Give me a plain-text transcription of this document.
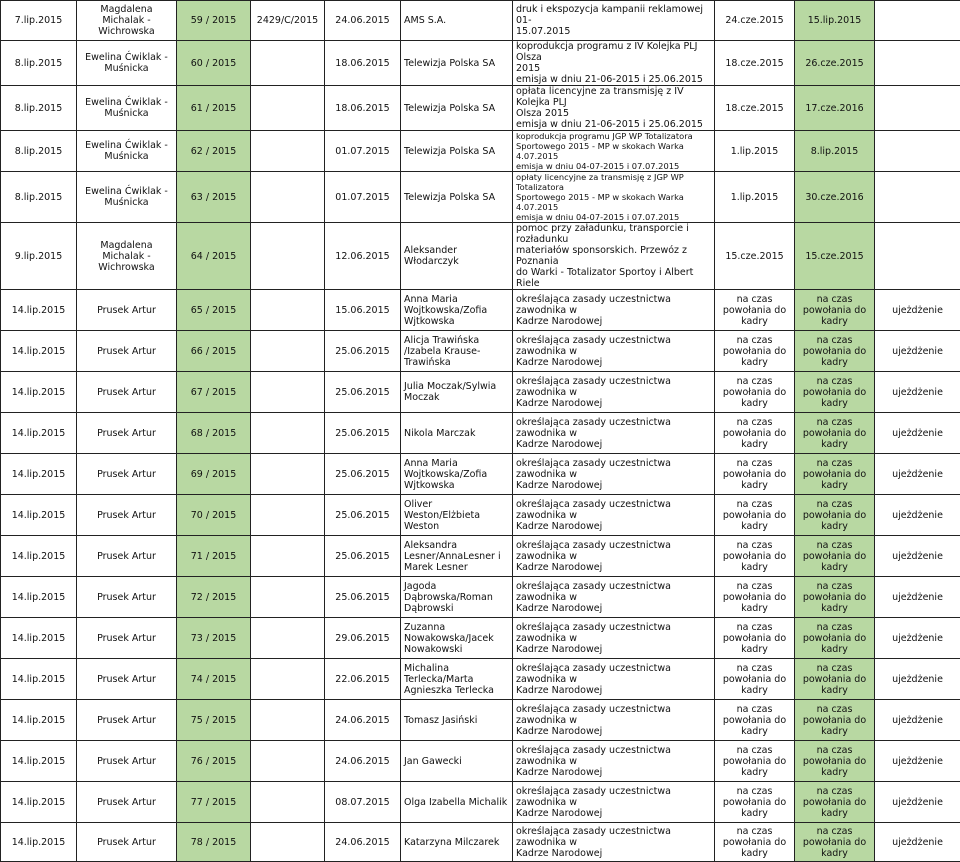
7.lip.2015	Magdalena Michalak -
Wichrowska	59 / 2015	2429/C/2015	24.06.2015	AMS S.A.	druk i ekspozycja kampanii reklamowej 01-
15.07.2015	24.cze.2015	15.lip.2015	
8.lip.2015	Ewelina Ćwiklak -
Muśnicka	60 / 2015		18.06.2015	Telewizja Polska SA	koprodukcja programu z IV Kolejka PLJ Olsza
2015
emisja w dniu 21-06-2015 i 25.06.2015	18.cze.2015	26.cze.2015	
8.lip.2015	Ewelina Ćwiklak -
Muśnicka	61 / 2015		18.06.2015	Telewizja Polska SA	opłata licencyjne za transmisję z IV Kolejka PLJ
Olsza 2015
emisja w dniu 21-06-2015 i 25.06.2015	18.cze.2015	17.cze.2016	
8.lip.2015	Ewelina Ćwiklak -
Muśnicka	62 / 2015		01.07.2015	Telewizja Polska SA	koprodukcja programu JGP WP Totalizatora
Sportowego 2015 - MP w skokach Warka 4.07.2015
emisja w dniu 04-07-2015 i 07.07.2015	1.lip.2015	8.lip.2015	
8.lip.2015	Ewelina Ćwiklak -
Muśnicka	63 / 2015		01.07.2015	Telewizja Polska SA	opłaty licencyjne za transmisję z JGP WP Totalizatora
Sportowego 2015 - MP w skokach Warka 4.07.2015
emisja w dniu 04-07-2015 i 07.07.2015	1.lip.2015	30.cze.2016	
9.lip.2015	Magdalena Michalak -
Wichrowska	64 / 2015		12.06.2015	Aleksander Włodarczyk	pomoc przy załadunku, transporcie i rozładunku
materiałów sponsorskich. Przewóz z Poznania
do Warki - Totalizator Sportoy i Albert Riele	15.cze.2015	15.cze.2015	
14.lip.2015	Prusek Artur	65 / 2015		15.06.2015	Anna Maria Wojtkowska/Zofia Wjtkowska	określająca zasady uczestnictwa zawodnika w
Kadrze Narodowej	na czas powołania do kadry	na czas powołania do kadry	ujeżdżenie
14.lip.2015	Prusek Artur	66 / 2015		25.06.2015	Alicja Trawińska /Izabela Krause-Trawińska	określająca zasady uczestnictwa zawodnika w
Kadrze Narodowej	na czas powołania do kadry	na czas powołania do kadry	ujeżdżenie
14.lip.2015	Prusek Artur	67 / 2015		25.06.2015	Julia Moczak/Sylwia Moczak	określająca zasady uczestnictwa zawodnika w
Kadrze Narodowej	na czas powołania do kadry	na czas powołania do kadry	ujeżdżenie
14.lip.2015	Prusek Artur	68 / 2015		25.06.2015	Nikola Marczak	określająca zasady uczestnictwa zawodnika w
Kadrze Narodowej	na czas powołania do kadry	na czas powołania do kadry	ujeżdżenie
14.lip.2015	Prusek Artur	69 / 2015		25.06.2015	Anna Maria Wojtkowska/Zofia Wjtkowska	określająca zasady uczestnictwa zawodnika w
Kadrze Narodowej	na czas powołania do kadry	na czas powołania do kadry	ujeżdżenie
14.lip.2015	Prusek Artur	70 / 2015		25.06.2015	Oliver Weston/Elżbieta Weston	określająca zasady uczestnictwa zawodnika w
Kadrze Narodowej	na czas powołania do kadry	na czas powołania do kadry	ujeżdżenie
14.lip.2015	Prusek Artur	71 / 2015		25.06.2015	Aleksandra Lesner/AnnaLesner i Marek Lesner	określająca zasady uczestnictwa zawodnika w
Kadrze Narodowej	na czas powołania do kadry	na czas powołania do kadry	ujeżdżenie
14.lip.2015	Prusek Artur	72 / 2015		25.06.2015	Jagoda Dąbrowska/Roman Dąbrowski	określająca zasady uczestnictwa zawodnika w
Kadrze Narodowej	na czas powołania do kadry	na czas powołania do kadry	ujeżdżenie
14.lip.2015	Prusek Artur	73 / 2015		29.06.2015	Zuzanna Nowakowska/Jacek Nowakowski	określająca zasady uczestnictwa zawodnika w
Kadrze Narodowej	na czas powołania do kadry	na czas powołania do kadry	ujeżdżenie
14.lip.2015	Prusek Artur	74 / 2015		22.06.2015	Michalina Terlecka/Marta Agnieszka Terlecka	określająca zasady uczestnictwa zawodnika w
Kadrze Narodowej	na czas powołania do kadry	na czas powołania do kadry	ujeżdżenie
14.lip.2015	Prusek Artur	75 / 2015		24.06.2015	Tomasz Jasiński	określająca zasady uczestnictwa zawodnika w
Kadrze Narodowej	na czas powołania do kadry	na czas powołania do kadry	ujeżdżenie
14.lip.2015	Prusek Artur	76 / 2015		24.06.2015	Jan Gawecki	określająca zasady uczestnictwa zawodnika w
Kadrze Narodowej	na czas powołania do kadry	na czas powołania do kadry	ujeżdżenie
14.lip.2015	Prusek Artur	77 / 2015		08.07.2015	Olga Izabella Michalik	określająca zasady uczestnictwa zawodnika w
Kadrze Narodowej	na czas powołania do kadry	na czas powołania do kadry	ujeżdżenie
14.lip.2015	Prusek Artur	78 / 2015		24.06.2015	Katarzyna Milczarek	określająca zasady uczestnictwa zawodnika w
Kadrze Narodowej	na czas powołania do kadry	na czas powołania do kadry	ujeżdżenie
